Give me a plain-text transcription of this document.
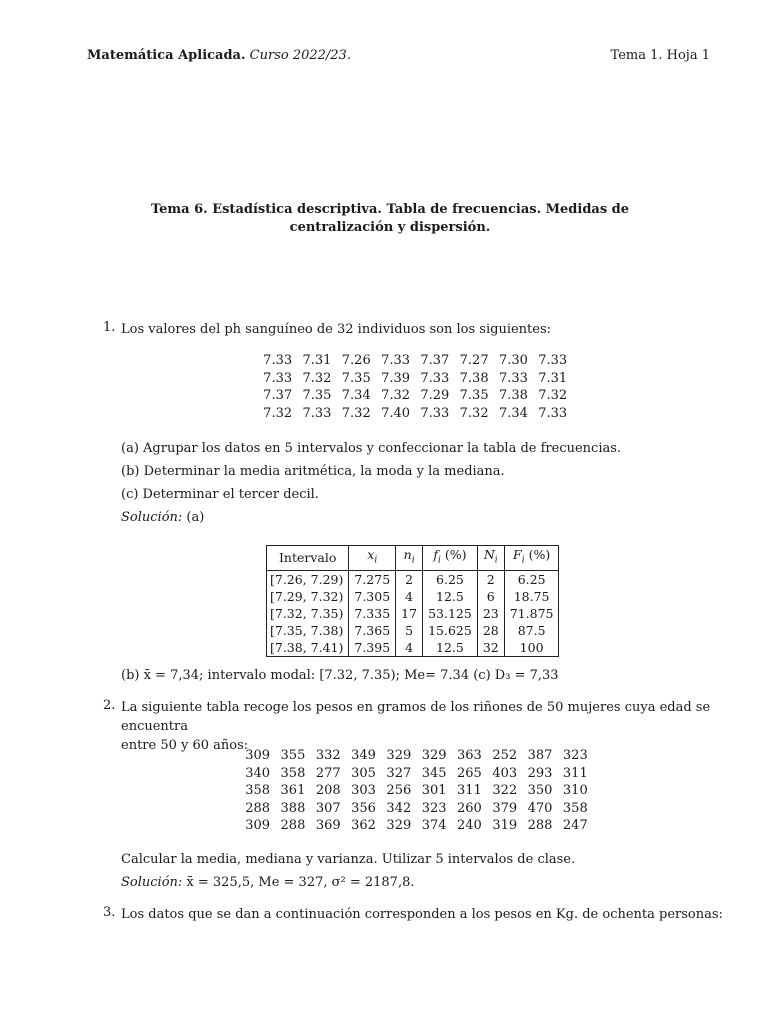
Matemática Aplicada. Curso 2022/23.	Tema 1. Hoja 1
Tema 6. Estadística descriptiva. Tabla de frecuencias. Medidas de centralización y dispersión.
1. Los valores del ph sanguíneo de 32 individuos son los siguientes:
7.33	7.31	7.26	7.33	7.37	7.27	7.30	7.33
7.33	7.32	7.35	7.39	7.33	7.38	7.33	7.31
7.37	7.35	7.34	7.32	7.29	7.35	7.38	7.32
7.32	7.33	7.32	7.40	7.33	7.32	7.34	7.33
(a) Agrupar los datos en 5 intervalos y confeccionar la tabla de frecuencias.
(b) Determinar la media aritmética, la moda y la mediana.
(c) Determinar el tercer decil.
Solución: (a)
Intervalo	$x_i$	$n_i$	$f_i$ (%)	$N_i$	$F_i$ (%)
[7.26, 7.29)	7.275	2	6.25	2	6.25
[7.29, 7.32)	7.305	4	12.5	6	18.75
[7.32, 7.35)	7.335	17	53.125	23	71.875
[7.35, 7.38)	7.365	5	15.625	28	87.5
[7.38, 7.41)	7.395	4	12.5	32	100
(b) x̄ = 7,34; intervalo modal: [7.32, 7.35); Me= 7.34 (c) D₃ = 7,33
2. La siguiente tabla recoge los pesos en gramos de los riñones de 50 mujeres cuya edad se encuentra
entre 50 y 60 años:
309	355	332	349	329	329	363	252	387	323
340	358	277	305	327	345	265	403	293	311
358	361	208	303	256	301	311	322	350	310
288	388	307	356	342	323	260	379	470	358
309	288	369	362	329	374	240	319	288	247
Calcular la media, mediana y varianza. Utilizar 5 intervalos de clase.
Solución: x̄ = 325,5, Me = 327, σ² = 2187,8.
3. Los datos que se dan a continuación corresponden a los pesos en Kg. de ochenta personas:
